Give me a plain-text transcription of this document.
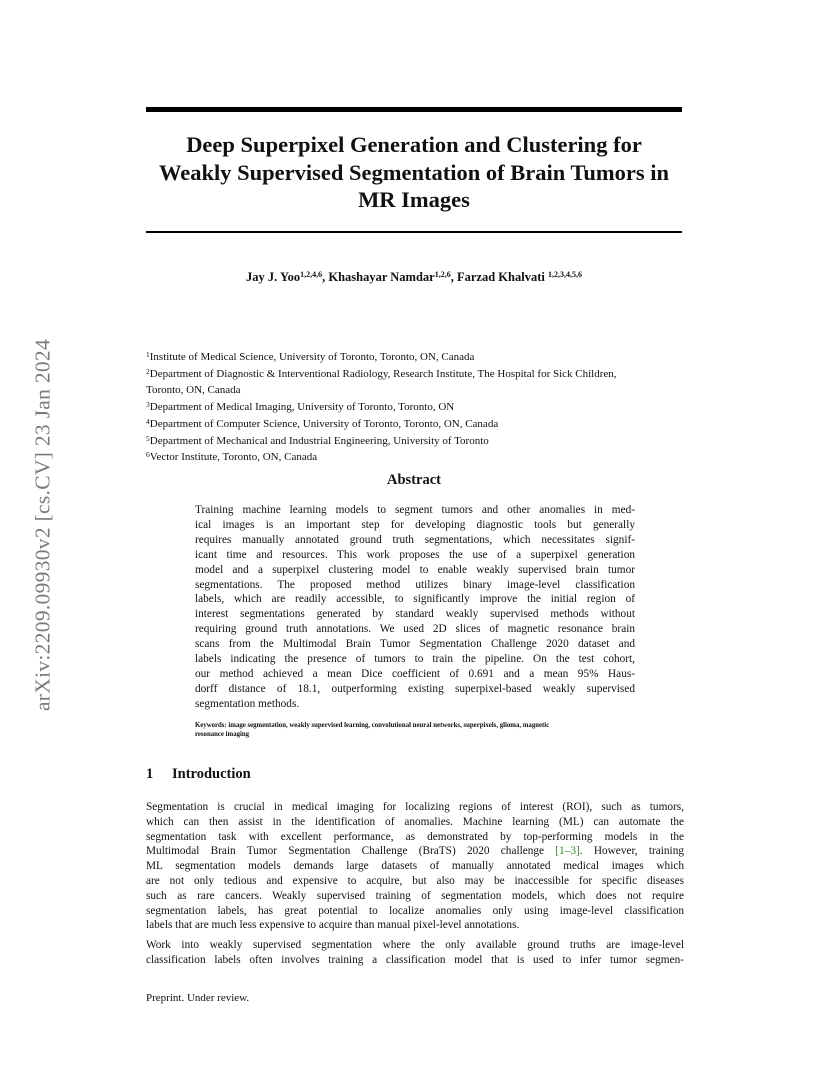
arXiv:2209.09930v2 [cs.CV] 23 Jan 2024
Deep Superpixel Generation and Clustering for
Weakly Supervised Segmentation of Brain Tumors in
MR Images
Jay J. Yoo$^{1,2,4,6}$, Khashayar Namdar$^{1,2,6}$, Farzad Khalvati $^{1,2,3,4,5,6}$
$^1$Institute of Medical Science, University of Toronto, Toronto, ON, Canada
$^2$Department of Diagnostic & Interventional Radiology, Research Institute, The Hospital for Sick Children,
Toronto, ON, Canada
$^3$Department of Medical Imaging, University of Toronto, Toronto, ON
$^4$Department of Computer Science, University of Toronto, Toronto, ON, Canada
$^5$Department of Mechanical and Industrial Engineering, University of Toronto
$^6$Vector Institute, Toronto, ON, Canada
Abstract
Training machine learning models to segment tumors and other anomalies in med-
ical images is an important step for developing diagnostic tools but generally
requires manually annotated ground truth segmentations, which necessitates signif-
icant time and resources. This work proposes the use of a superpixel generation
model and a superpixel clustering model to enable weakly supervised brain tumor
segmentations. The proposed method utilizes binary image-level classification
labels, which are readily accessible, to significantly improve the initial region of
interest segmentations generated by standard weakly supervised methods without
requiring ground truth annotations. We used 2D slices of magnetic resonance brain
scans from the Multimodal Brain Tumor Segmentation Challenge 2020 dataset and
labels indicating the presence of tumors to train the pipeline. On the test cohort,
our method achieved a mean Dice coefficient of 0.691 and a mean 95% Haus-
dorff distance of 18.1, outperforming existing superpixel-based weakly supervised
segmentation methods.
Keywords: image segmentation, weakly supervised learning, convolutional neural networks, superpixels, glioma, magnetic
resonance imaging
1 Introduction
Segmentation is crucial in medical imaging for localizing regions of interest (ROI), such as tumors,
which can then assist in the identification of anomalies. Machine learning (ML) can automate the
segmentation task with excellent performance, as demonstrated by top-performing models in the
Multimodal Brain Tumor Segmentation Challenge (BraTS) 2020 challenge [1–3]. However, training
ML segmentation models demands large datasets of manually annotated medical images which
are not only tedious and expensive to acquire, but also may be inaccessible for specific diseases
such as rare cancers. Weakly supervised training of segmentation models, which does not require
segmentation labels, has great potential to localize anomalies only using image-level classification
labels that are much less expensive to acquire than manual pixel-level annotations.
Work into weakly supervised segmentation where the only available ground truths are image-level
classification labels often involves training a classification model that is used to infer tumor segmen-
Preprint. Under review.
